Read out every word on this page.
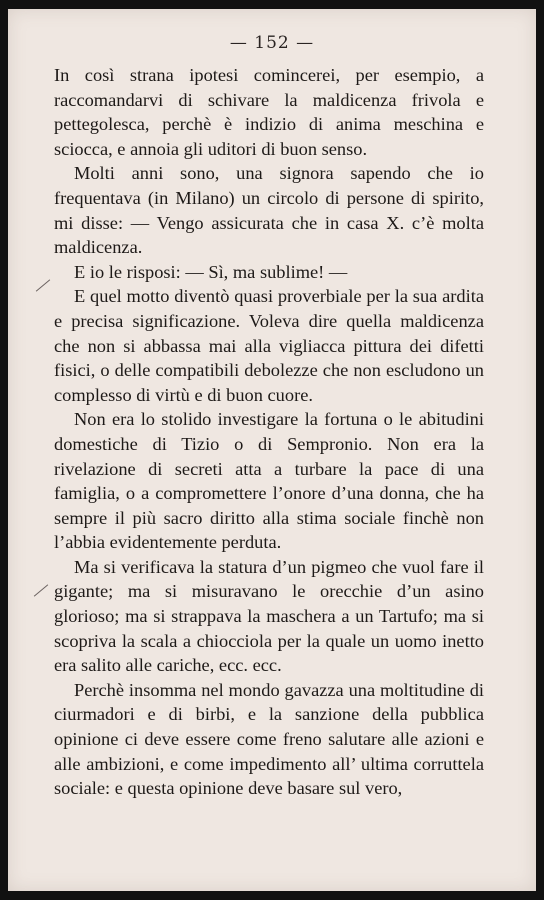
— 152 —

In così strana ipotesi comincerei, per esempio, a raccomandarvi di schivare la maldicenza frivola e pettegolesca, perchè è indizio di anima meschina e sciocca, e annoia gli uditori di buon senso.

Molti anni sono, una signora sapendo che io frequentava (in Milano) un circolo di persone di spirito, mi disse: — Vengo assicurata che in casa X. c’è molta maldicenza.

E io le risposi: — Sì, ma sublime! —

E quel motto diventò quasi proverbiale per la sua ardita e precisa significazione. Voleva dire quella maldicenza che non si abbassa mai alla vigliacca pittura dei difetti fisici, o delle compatibili debolezze che non escludono un complesso di virtù e di buon cuore.

Non era lo stolido investigare la fortuna o le abitudini domestiche di Tizio o di Sempronio. Non era la rivelazione di secreti atta a turbare la pace di una famiglia, o a compromettere l’onore d’una donna, che ha sempre il più sacro diritto alla stima sociale finchè non l’abbia evidentemente perduta.

Ma si verificava la statura d’un pigmeo che vuol fare il gigante; ma si misuravano le orecchie d’un asino glorioso; ma si strappava la maschera a un Tartufo; ma si scopriva la scala a chiocciola per la quale un uomo inetto era salito alle cariche, ecc. ecc.

Perchè insomma nel mondo gavazza una moltitudine di ciurmadori e di birbi, e la sanzione della pubblica opinione ci deve essere come freno salutare alle azioni e alle ambizioni, e come impedimento all’ ultima corruttela sociale: e questa opinione deve basare sul vero,
